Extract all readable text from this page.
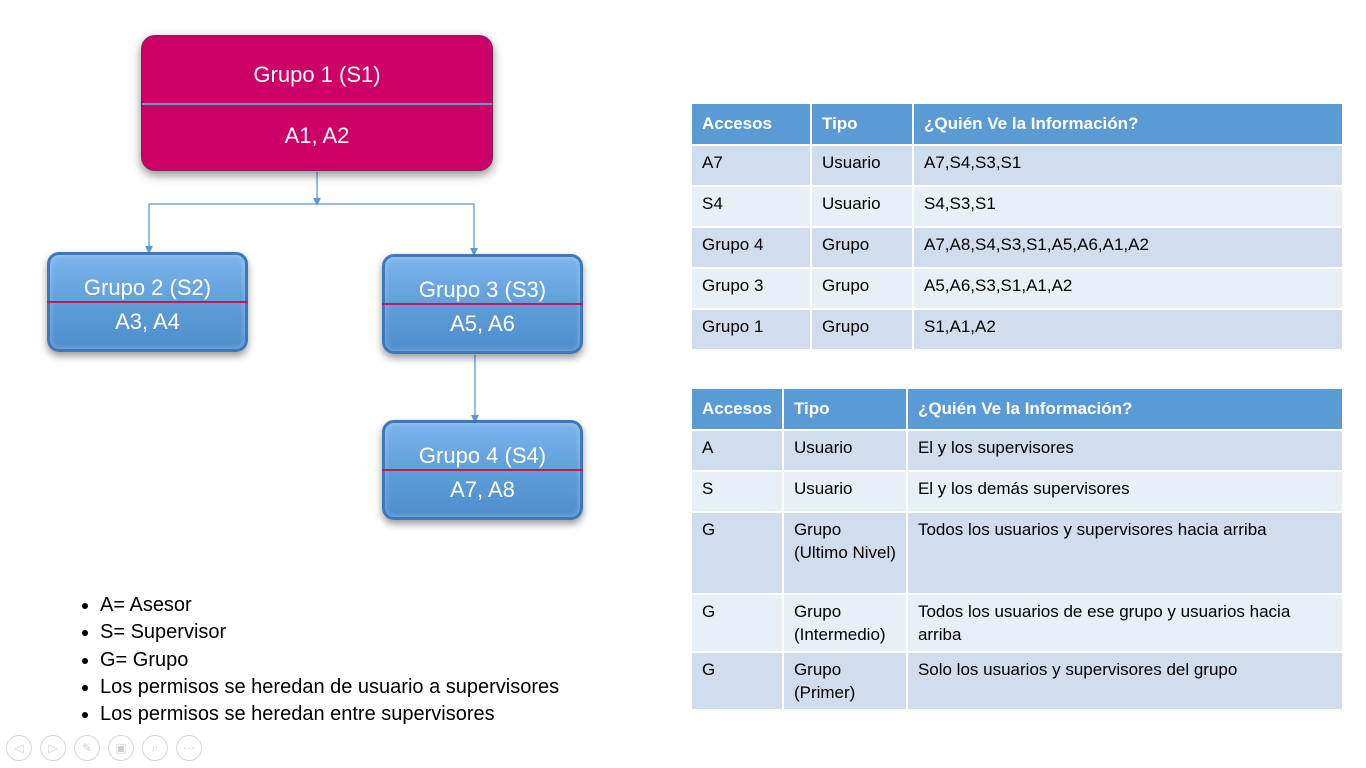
Grupo 1 (S1)
A1, A2
Grupo 2 (S2)
A3, A4
Grupo 3 (S3)
A5, A6
Grupo 4 (S4)
A7, A8
Accesos	Tipo	¿Quién Ve la Información?
A7	Usuario	A7,S4,S3,S1
S4	Usuario	S4,S3,S1
Grupo 4	Grupo	A7,A8,S4,S3,S1,A5,A6,A1,A2
Grupo 3	Grupo	A5,A6,S3,S1,A1,A2
Grupo 1	Grupo	S1,A1,A2
Accesos	Tipo	¿Quién Ve la Información?
A	Usuario	El y los supervisores
S	Usuario	El y los demás supervisores
G	Grupo (Ultimo Nivel)	Todos los usuarios y supervisores hacia arriba
G	Grupo (Intermedio)	Todos los usuarios de ese grupo y usuarios hacia arriba
G	Grupo (Primer)	Solo los usuarios y supervisores del grupo
• A= Asesor
• S= Supervisor
• G= Grupo
• Los permisos se heredan de usuario a supervisores
• Los permisos se heredan entre supervisores
◁	▷	✎	▣	⌕	⋯
